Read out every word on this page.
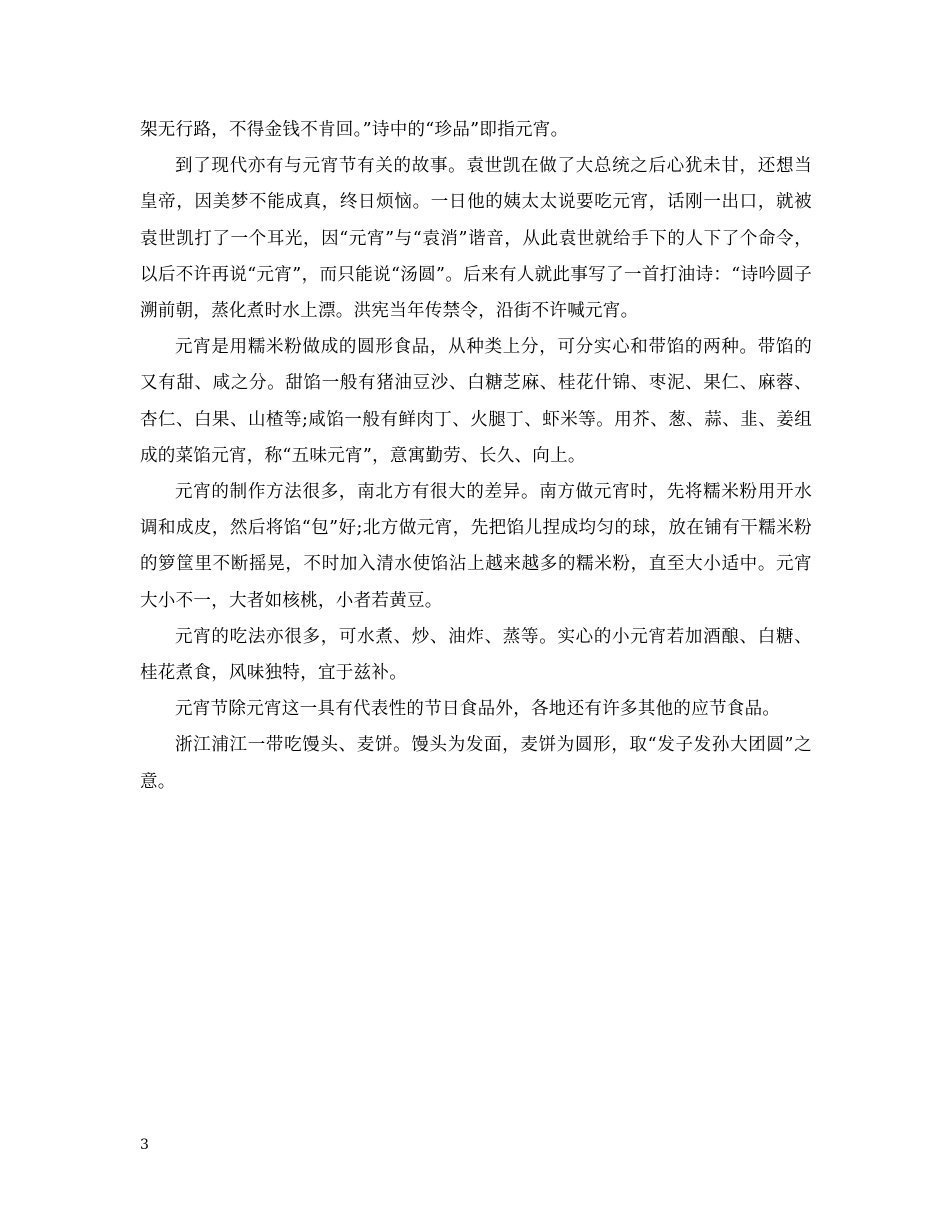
架无行路，不得金钱不肯回。”诗中的“珍品”即指元宵。

到了现代亦有与元宵节有关的故事。袁世凯在做了大总统之后心犹未甘，还想当皇帝，因美梦不能成真，终日烦恼。一日他的姨太太说要吃元宵，话刚一出口，就被袁世凯打了一个耳光，因“元宵”与“袁消”谐音，从此袁世就给手下的人下了个命令，以后不许再说“元宵”，而只能说“汤圆”。后来有人就此事写了一首打油诗：“诗吟圆子溯前朝，蒸化煮时水上漂。洪宪当年传禁令，沿街不许喊元宵。

元宵是用糯米粉做成的圆形食品，从种类上分，可分实心和带馅的两种。带馅的又有甜、咸之分。甜馅一般有猪油豆沙、白糖芝麻、桂花什锦、枣泥、果仁、麻蓉、杏仁、白果、山楂等;咸馅一般有鲜肉丁、火腿丁、虾米等。用芥、葱、蒜、韭、姜组成的菜馅元宵，称“五味元宵”，意寓勤劳、长久、向上。

元宵的制作方法很多，南北方有很大的差异。南方做元宵时，先将糯米粉用开水调和成皮，然后将馅“包”好;北方做元宵，先把馅儿捏成均匀的球，放在铺有干糯米粉的箩筐里不断摇晃，不时加入清水使馅沾上越来越多的糯米粉，直至大小适中。元宵大小不一，大者如核桃，小者若黄豆。

元宵的吃法亦很多，可水煮、炒、油炸、蒸等。实心的小元宵若加酒酿、白糖、桂花煮食，风味独特，宜于兹补。

元宵节除元宵这一具有代表性的节日食品外，各地还有许多其他的应节食品。

浙江浦江一带吃馒头、麦饼。馒头为发面，麦饼为圆形，取“发子发孙大团圆”之意。

3
